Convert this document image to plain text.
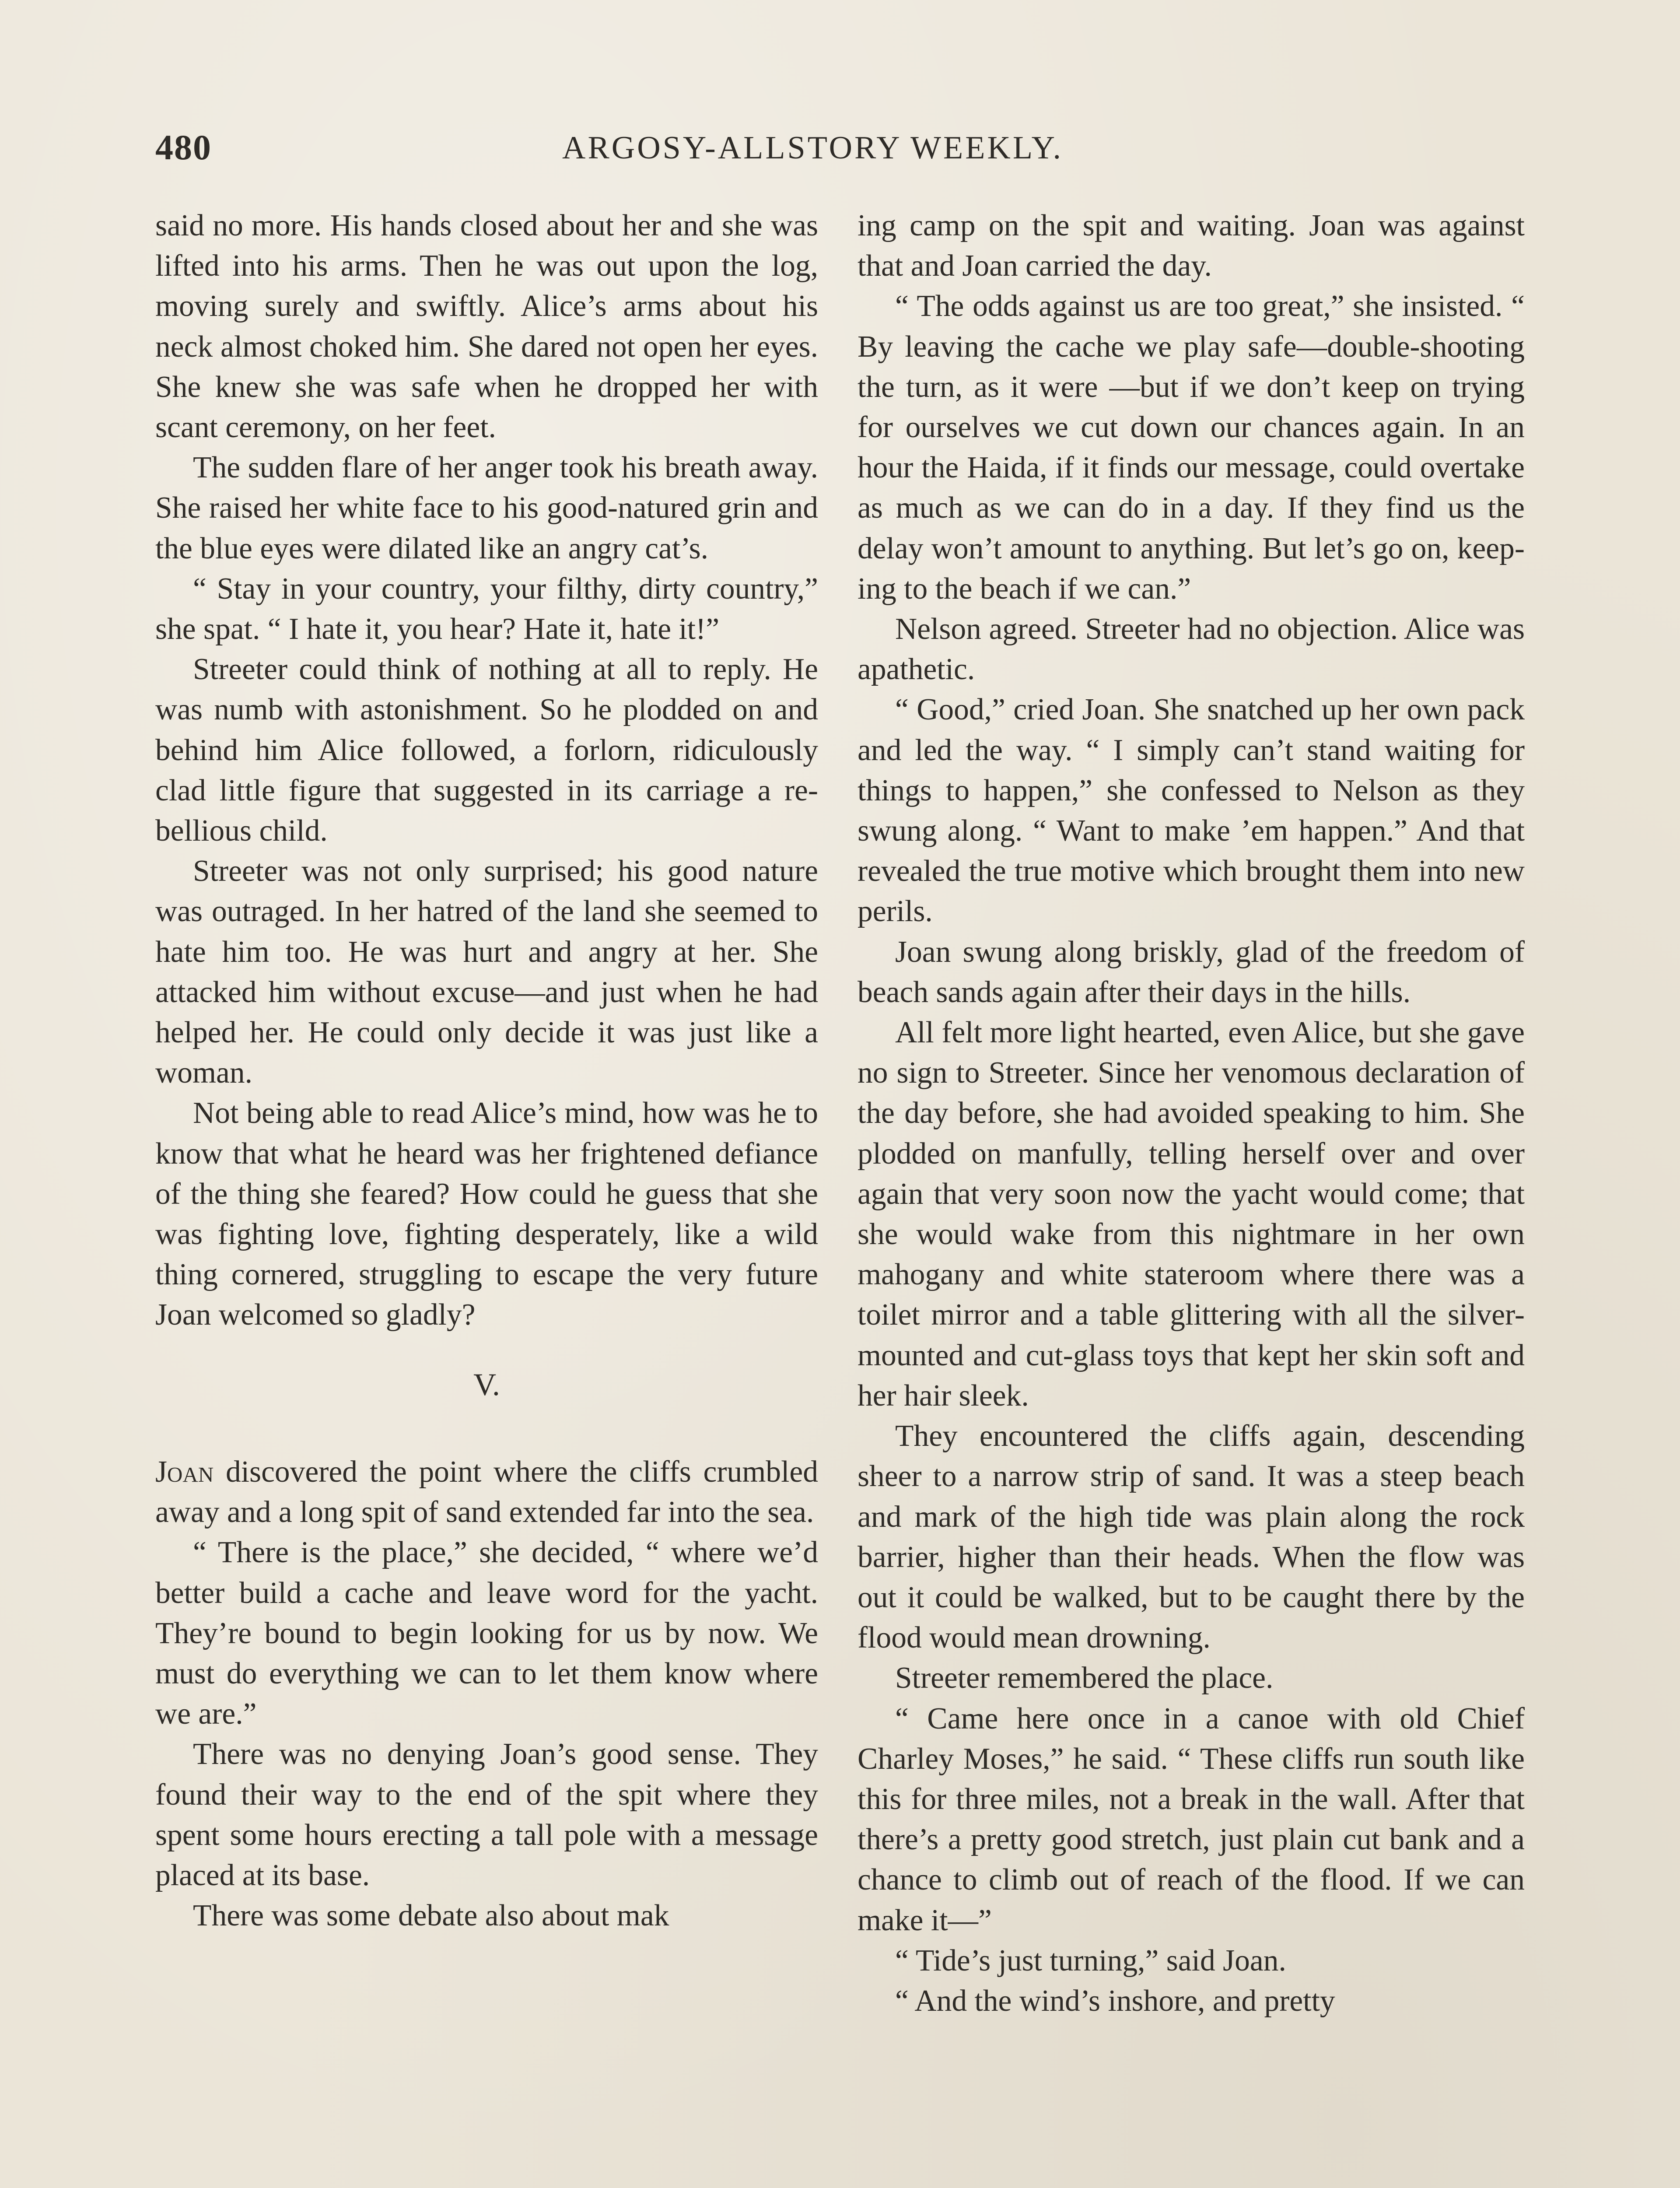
480	ARGOSY-ALLSTORY WEEKLY.

said no more. His hands closed about her and she was lifted into his arms. Then he was out upon the log, moving surely and swiftly. Alice’s arms about his neck almost choked him. She dared not open her eyes. She knew she was safe when he dropped her with scant ceremony, on her feet.

The sudden flare of her anger took his breath away. She raised her white face to his good-natured grin and the blue eyes were dilated like an angry cat’s.

“ Stay in your country, your filthy, dirty country,” she spat. “ I hate it, you hear? Hate it, hate it!”

Streeter could think of nothing at all to reply. He was numb with astonishment. So he plodded on and behind him Alice followed, a forlorn, ridiculously clad little figure that suggested in its carriage a rebellious child.

Streeter was not only surprised; his good nature was outraged. In her hatred of the land she seemed to hate him too. He was hurt and angry at her. She attacked him without excuse—and just when he had helped her. He could only decide it was just like a woman.

Not being able to read Alice’s mind, how was he to know that what he heard was her frightened defiance of the thing she feared? How could he guess that she was fighting love, fighting desperately, like a wild thing cornered, struggling to escape the very future Joan welcomed so gladly?

V.

Joan discovered the point where the cliffs crumbled away and a long spit of sand extended far into the sea.

“ There is the place,” she decided, “ where we’d better build a cache and leave word for the yacht. They’re bound to begin looking for us by now. We must do everything we can to let them know where we are.”

There was no denying Joan’s good sense. They found their way to the end of the spit where they spent some hours erecting a tall pole with a message placed at its base.

There was some debate also about mak

ing camp on the spit and waiting. Joan was against that and Joan carried the day.

“ The odds against us are too great,” she insisted. “ By leaving the cache we play safe—double-shooting the turn, as it were —but if we don’t keep on trying for ourselves we cut down our chances again. In an hour the Haida, if it finds our message, could overtake as much as we can do in a day. If they find us the delay won’t amount to anything. But let’s go on, keeping to the beach if we can.”

Nelson agreed. Streeter had no objection. Alice was apathetic.

“ Good,” cried Joan. She snatched up her own pack and led the way. “ I simply can’t stand waiting for things to happen,” she confessed to Nelson as they swung along. “ Want to make ’em happen.” And that revealed the true motive which brought them into new perils.

Joan swung along briskly, glad of the freedom of beach sands again after their days in the hills.

All felt more light hearted, even Alice, but she gave no sign to Streeter. Since her venomous declaration of the day before, she had avoided speaking to him. She plodded on manfully, telling herself over and over again that very soon now the yacht would come; that she would wake from this nightmare in her own mahogany and white stateroom where there was a toilet mirror and a table glittering with all the silver-mounted and cut-glass toys that kept her skin soft and her hair sleek.

They encountered the cliffs again, descending sheer to a narrow strip of sand. It was a steep beach and mark of the high tide was plain along the rock barrier, higher than their heads. When the flow was out it could be walked, but to be caught there by the flood would mean drowning.

Streeter remembered the place.

“ Came here once in a canoe with old Chief Charley Moses,” he said. “ These cliffs run south like this for three miles, not a break in the wall. After that there’s a pretty good stretch, just plain cut bank and a chance to climb out of reach of the flood. If we can make it—”

“ Tide’s just turning,” said Joan.

“ And the wind’s inshore, and pretty
